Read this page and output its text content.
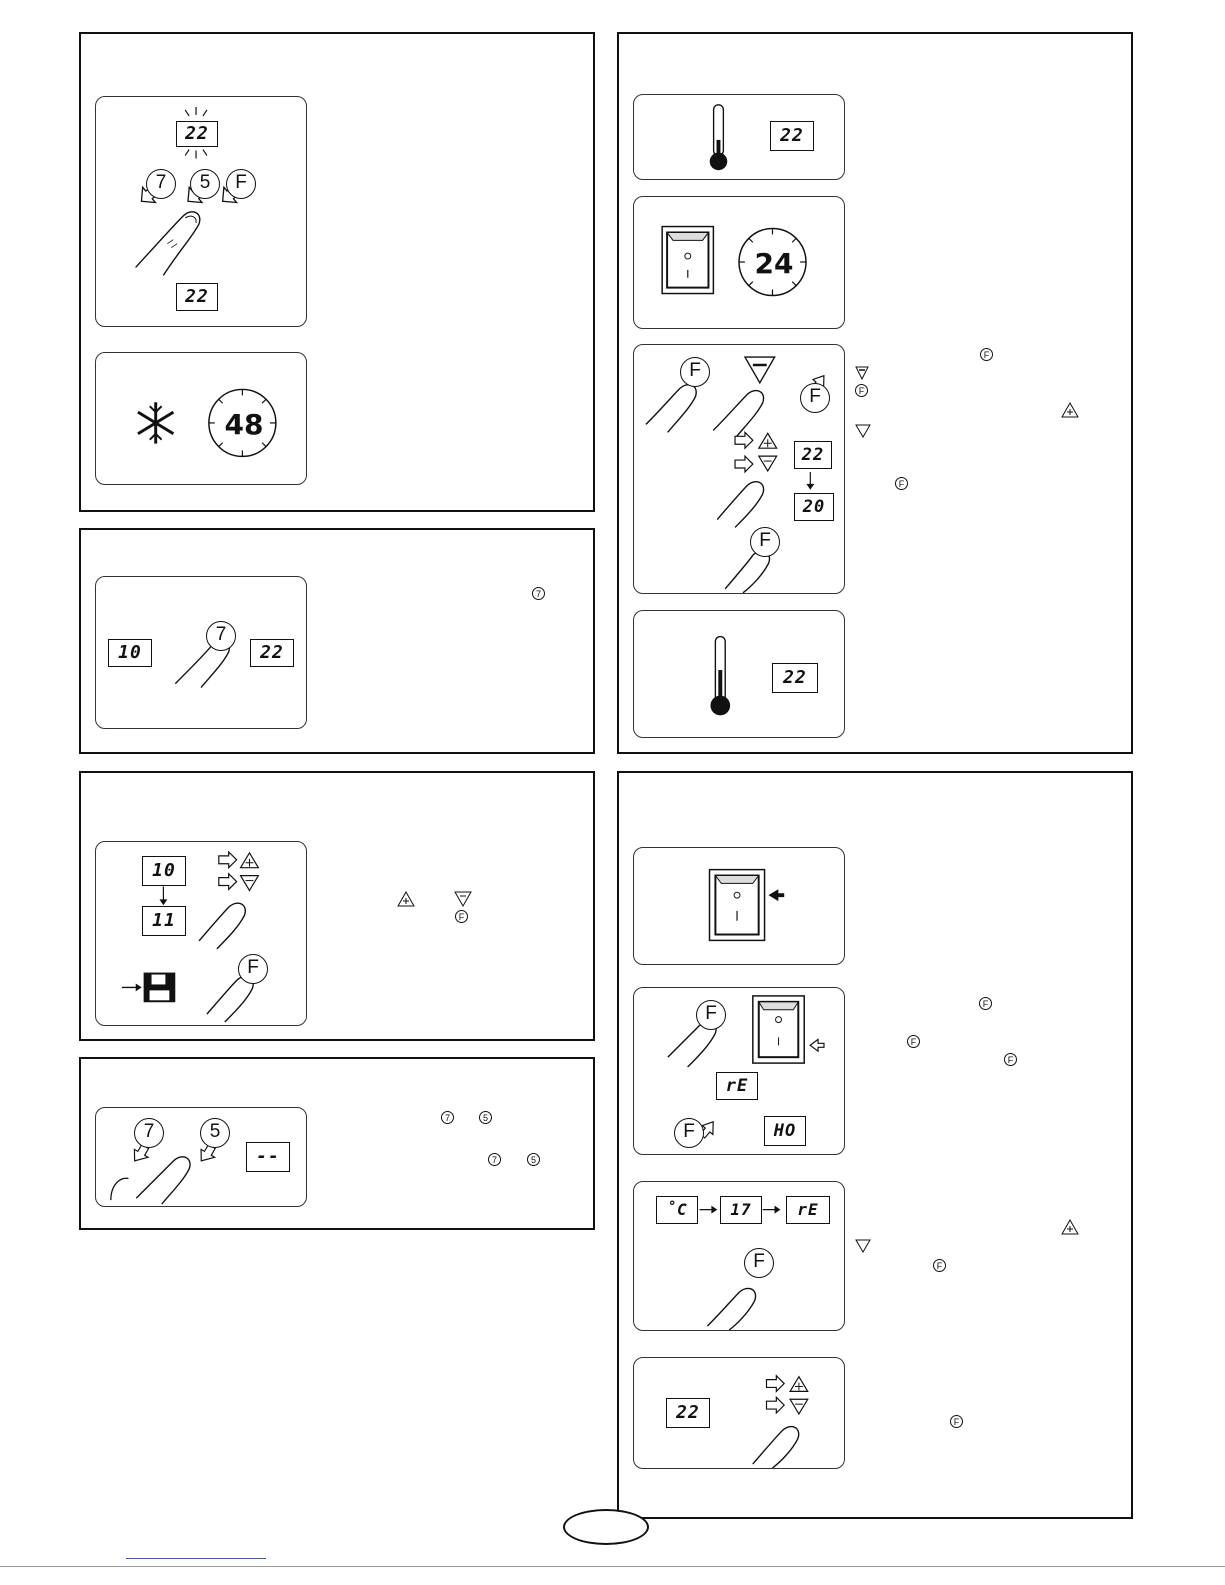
22
7	5	F
22
48
10
7
22
7
10
11
F
F
7	5
--
7	5
7	5
22
24
F
F
22
20
F
22
F
F
F
F
rE
F	HO
˚C	17	rE
F
22
F
F
F
F
F
